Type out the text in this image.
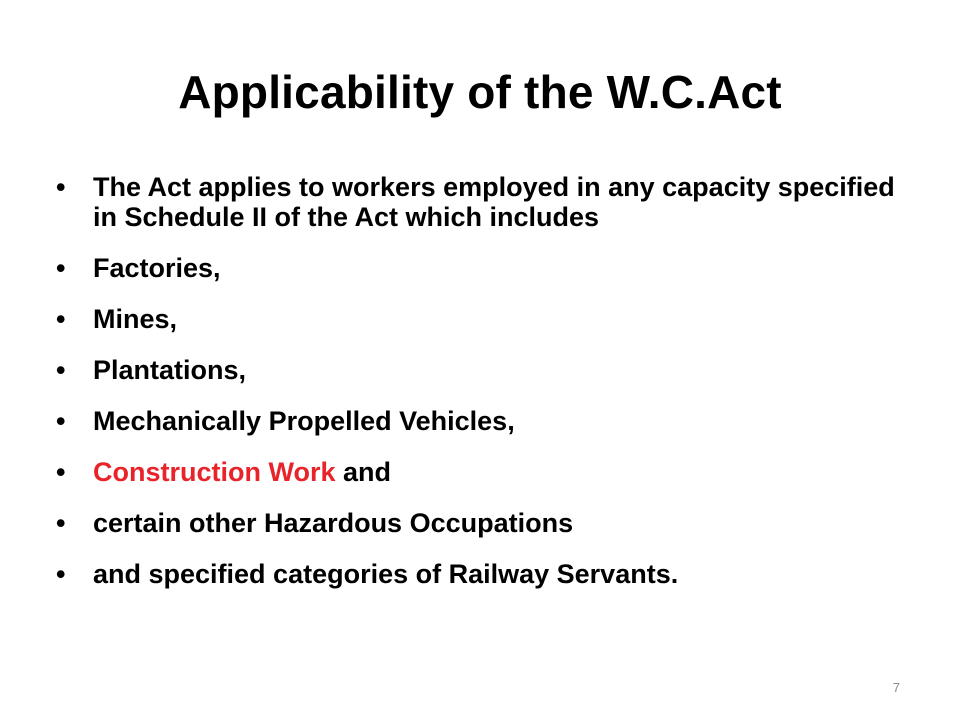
Applicability of the W.C.Act
•	The Act applies to workers employed in any capacity specified in Schedule II of the Act which includes
•	Factories,
•	Mines,
•	Plantations,
•	Mechanically Propelled Vehicles,
•	Construction Work and
•	certain other Hazardous Occupations
•	and specified categories of Railway Servants.
7
